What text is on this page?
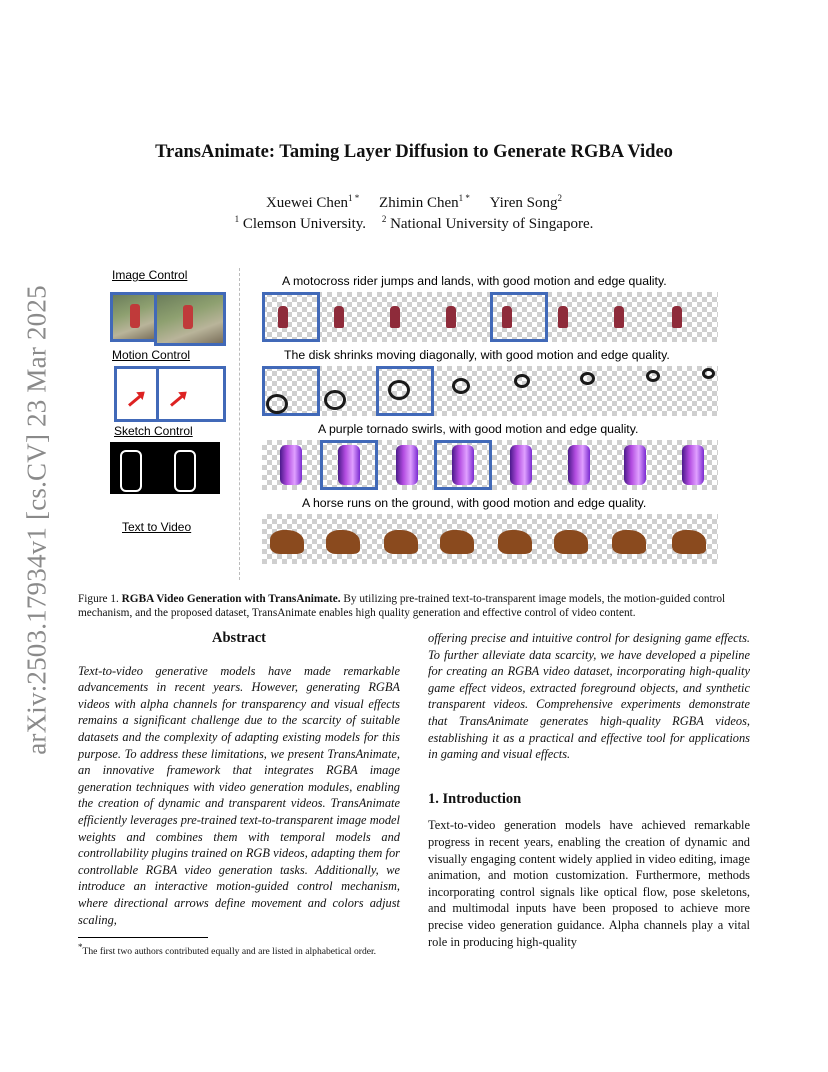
arXiv:2503.17934v1 [cs.CV] 23 Mar 2025
TransAnimate: Taming Layer Diffusion to Generate RGBA Video
Xuewei Chen$^{1 *}$ Zhimin Chen$^{1 *}$ Yiren Song$^2$
$^1$ Clemson University. $^2$ National University of Singapore.
Image Control
Motion Control
Sketch Control
Text to Video
A motocross rider jumps and lands, with good motion and edge quality.
The disk shrinks moving diagonally, with good motion and edge quality.
A purple tornado swirls, with good motion and edge quality.
A horse runs on the ground, with good motion and edge quality.
Figure 1. RGBA Video Generation with TransAnimate. By utilizing pre-trained text-to-transparent image models, the motion-guided control mechanism, and the proposed dataset, TransAnimate enables high quality generation and effective control of video content.
Abstract

Text-to-video generative models have made remarkable advancements in recent years. However, generating RGBA videos with alpha channels for transparency and visual effects remains a significant challenge due to the scarcity of suitable datasets and the complexity of adapting existing models for this purpose. To address these limitations, we present TransAnimate, an innovative framework that integrates RGBA image generation techniques with video generation modules, enabling the creation of dynamic and transparent videos. TransAnimate efficiently leverages pre-trained text-to-transparent image model weights and combines them with temporal models and controllability plugins trained on RGB videos, adapting them for controllable RGBA video generation tasks. Additionally, we introduce an interactive motion-guided control mechanism, where directional arrows define movement and colors adjust scaling,

offering precise and intuitive control for designing game effects. To further alleviate data scarcity, we have developed a pipeline for creating an RGBA video dataset, incorporating high-quality game effect videos, extracted foreground objects, and synthetic transparent videos. Comprehensive experiments demonstrate that TransAnimate generates high-quality RGBA videos, establishing it as a practical and effective tool for applications in gaming and visual effects.

1. Introduction

Text-to-video generation models have achieved remarkable progress in recent years, enabling the creation of dynamic and visually engaging content widely applied in video editing, image animation, and motion customization. Furthermore, methods incorporating control signals like optical flow, pose skeletons, and multimodal inputs have been proposed to achieve more precise video generation guidance. Alpha channels play a vital role in producing high-quality

*The first two authors contributed equally and are listed in alphabetical order.
